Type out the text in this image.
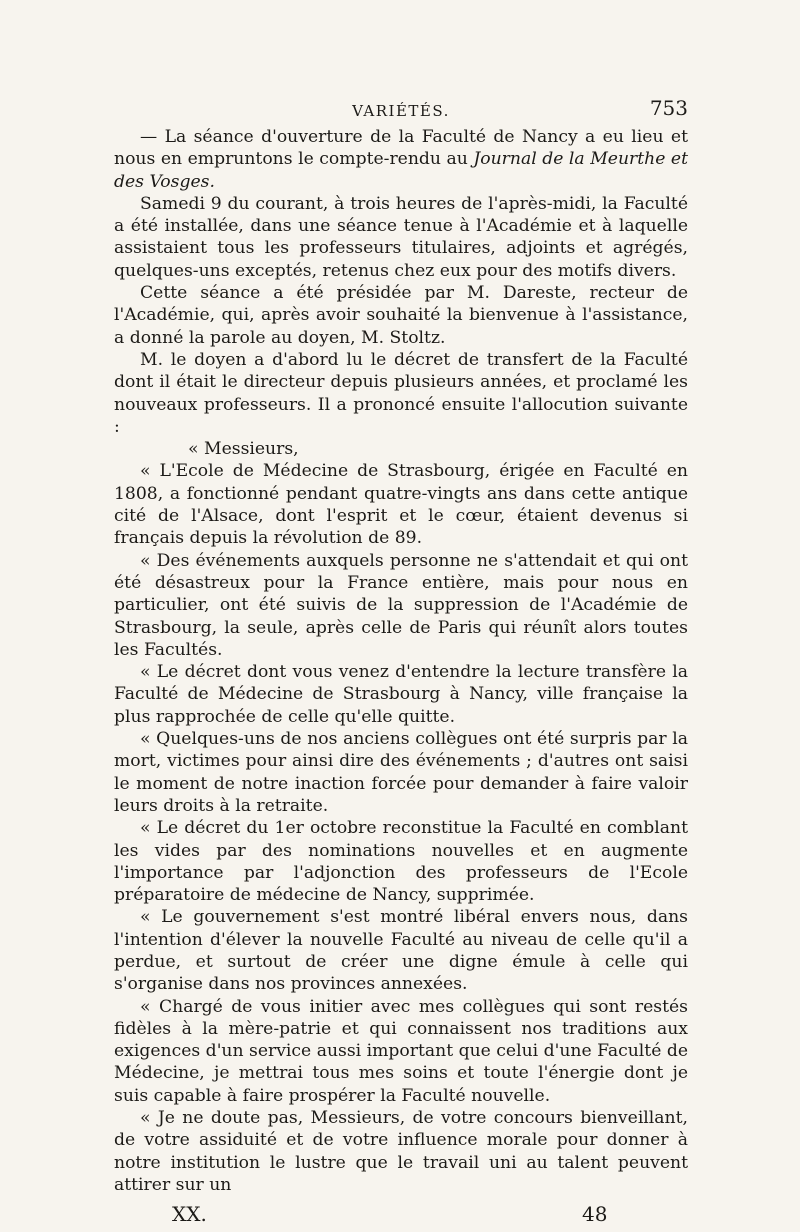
VARIÉTÉS.	753

— La séance d'ouverture de la Faculté de Nancy a eu lieu et nous en empruntons le compte-rendu au Journal de la Meurthe et des Vosges.

Samedi 9 du courant, à trois heures de l'après-midi, la Faculté a été installée, dans une séance tenue à l'Académie et à laquelle assistaient tous les professeurs titulaires, adjoints et agrégés, quelques-uns exceptés, retenus chez eux pour des motifs divers.

Cette séance a été présidée par M. Dareste, recteur de l'Académie, qui, après avoir souhaité la bienvenue à l'assistance, a donné la parole au doyen, M. Stoltz.

M. le doyen a d'abord lu le décret de transfert de la Faculté dont il était le directeur depuis plusieurs années, et proclamé les nouveaux professeurs. Il a prononcé ensuite l'allocution suivante :

« Messieurs,

« L'Ecole de Médecine de Strasbourg, érigée en Faculté en 1808, a fonctionné pendant quatre-vingts ans dans cette antique cité de l'Alsace, dont l'esprit et le cœur, étaient devenus si français depuis la révolution de 89.

« Des événements auxquels personne ne s'attendait et qui ont été désastreux pour la France entière, mais pour nous en particulier, ont été suivis de la suppression de l'Académie de Strasbourg, la seule, après celle de Paris qui réunît alors toutes les Facultés.

« Le décret dont vous venez d'entendre la lecture transfère la Faculté de Médecine de Strasbourg à Nancy, ville française la plus rapprochée de celle qu'elle quitte.

« Quelques-uns de nos anciens collègues ont été surpris par la mort, victimes pour ainsi dire des événements ; d'autres ont saisi le moment de notre inaction forcée pour demander à faire valoir leurs droits à la retraite.

« Le décret du 1er octobre reconstitue la Faculté en comblant les vides par des nominations nouvelles et en augmente l'importance par l'adjonction des professeurs de l'Ecole préparatoire de médecine de Nancy, supprimée.

« Le gouvernement s'est montré libéral envers nous, dans l'intention d'élever la nouvelle Faculté au niveau de celle qu'il a perdue, et surtout de créer une digne émule à celle qui s'organise dans nos provinces annexées.

« Chargé de vous initier avec mes collègues qui sont restés fidèles à la mère-patrie et qui connaissent nos traditions aux exigences d'un service aussi important que celui d'une Faculté de Médecine, je mettrai tous mes soins et toute l'énergie dont je suis capable à faire prospérer la Faculté nouvelle.

« Je ne doute pas, Messieurs, de votre concours bienveillant, de votre assiduité et de votre influence morale pour donner à notre institution le lustre que le travail uni au talent peuvent attirer sur un

XX.	48
